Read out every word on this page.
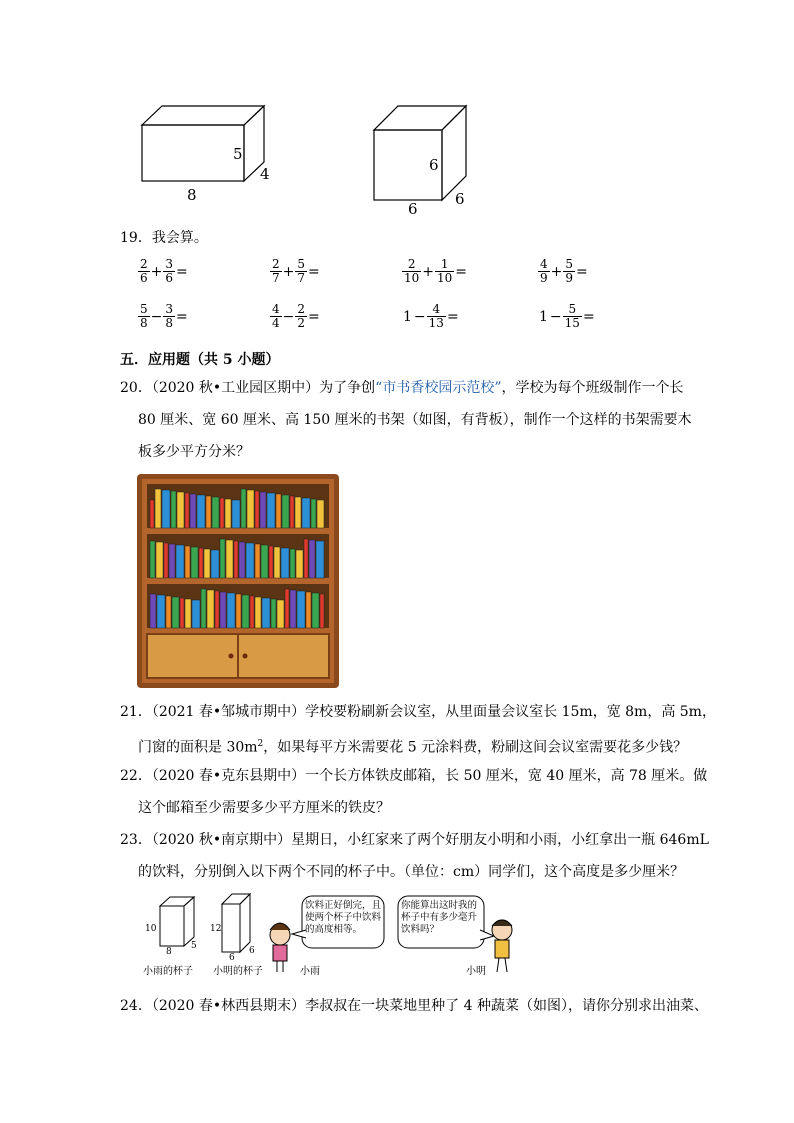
5
4
8
6
6
6
19．我会算。
$\frac{2}{6} + \frac{3}{6}$ =	$\frac{2}{7} + \frac{5}{7}$ =	$\frac{2}{10} + \frac{1}{10}$ =	$\frac{4}{9} + \frac{5}{9}$ =
$\frac{5}{8} - \frac{3}{8}$ =	$\frac{4}{4} - \frac{2}{2}$ =	$1 - \frac{4}{13}$ =	$1 - \frac{5}{15}$ =
五．应用题（共 5 小题）
20．（2020 秋•工业园区期中）为了争创“市书香校园示范校”，学校为每个班级制作一个长
80 厘米、宽 60 厘米、高 150 厘米的书架（如图，有背板），制作一个这样的书架需要木
板多少平方分米？
21．（2021 春•邹城市期中）学校要粉刷新会议室，从里面量会议室长 15m，宽 8m，高 5m，
门窗的面积是 $30m^2$，如果每平方米需要花 5 元涂料费，粉刷这间会议室需要花多少钱？
22．（2020 春•克东县期中）一个长方体铁皮邮箱，长 50 厘米，宽 40 厘米，高 78 厘米。做
这个邮箱至少需要多少平方厘米的铁皮？
23．（2020 秋•南京期中）星期日，小红家来了两个好朋友小明和小雨，小红拿出一瓶 646mL
的饮料，分别倒入以下两个不同的杯子中。（单位：cm）同学们，这个高度是多少厘米？
10
8
5
12
6
6
小雨的杯子 小明的杯子
饮料正好倒完，且使两个杯子中饮料的高度相等。
你能算出这时我的杯子中有多少毫升饮料吗？
小雨	小明
24．（2020 春•林西县期末）李叔叔在一块菜地里种了 4 种蔬菜（如图），请你分别求出油菜、
